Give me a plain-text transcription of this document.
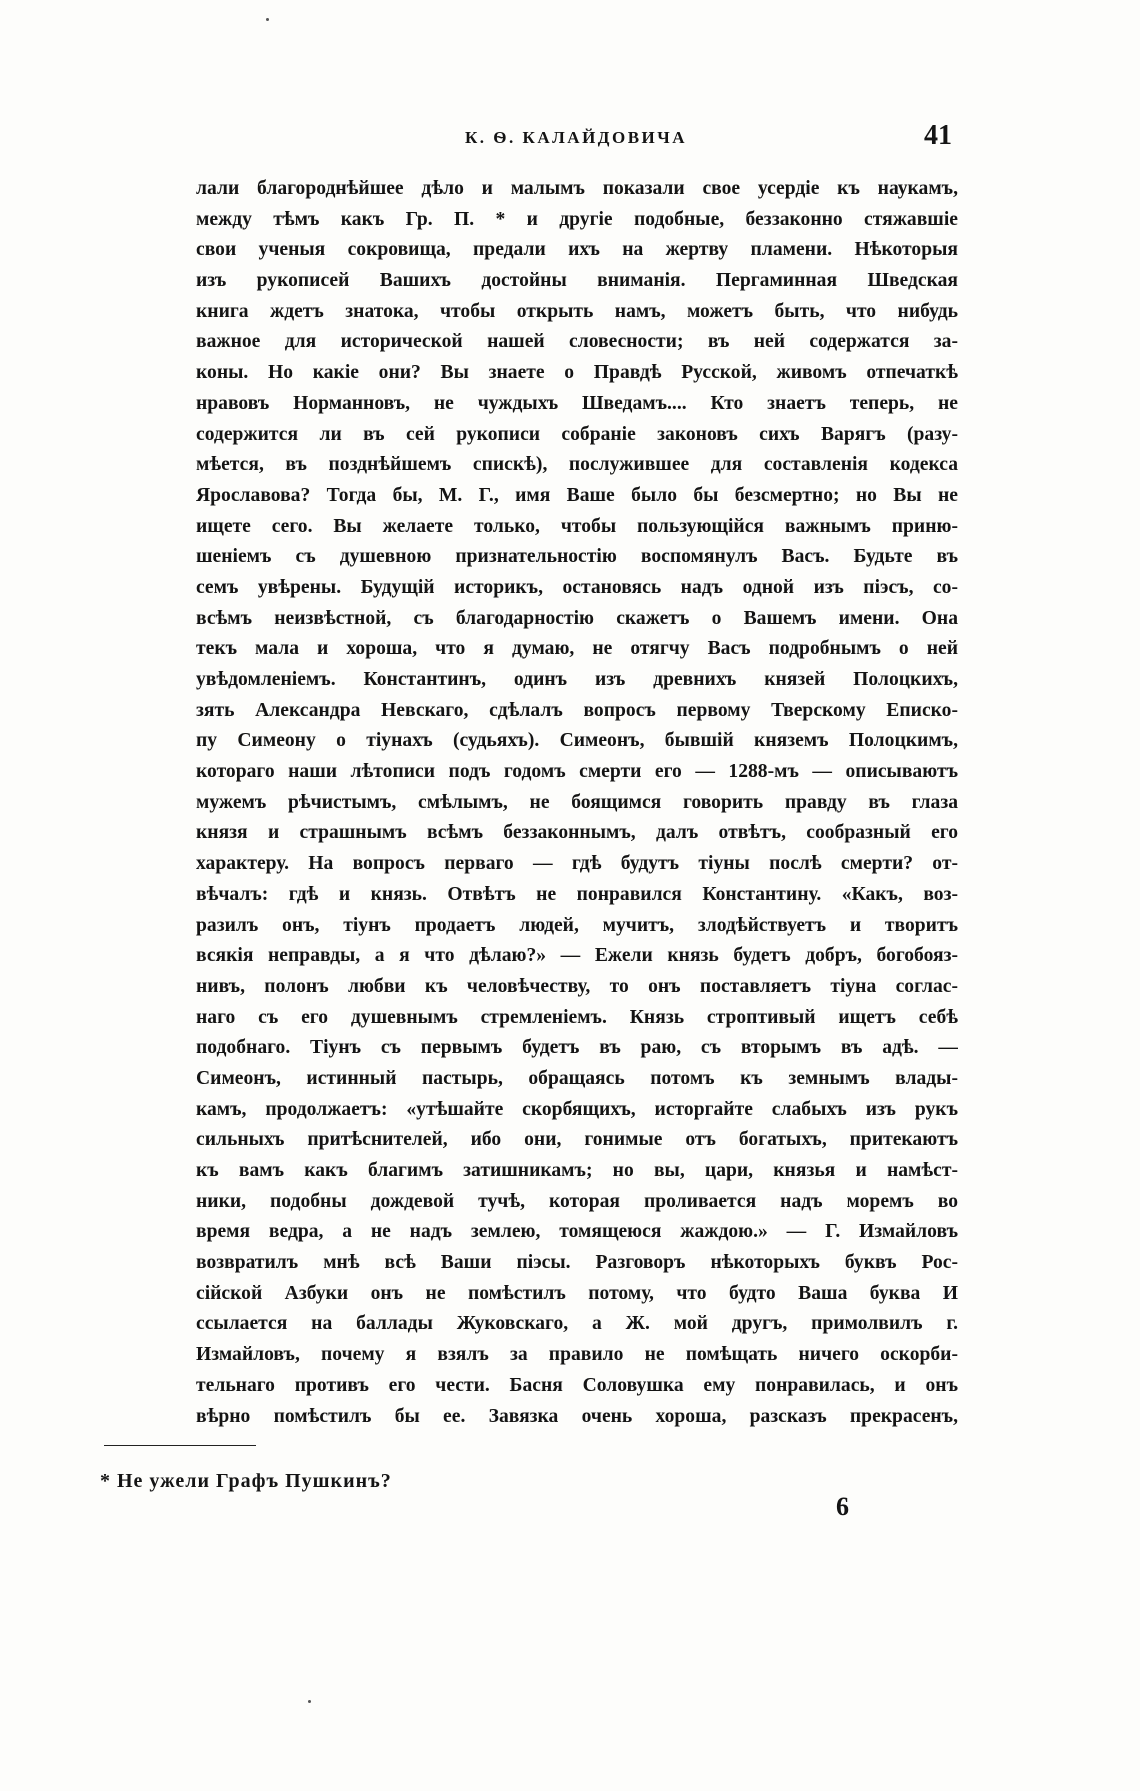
К. Ѳ. КАЛАЙДОВИЧА	41
лали благороднѣйшее дѣло и малымъ показали свое усердіе къ наукамъ,
между тѣмъ какъ Гр. П. * и другіе подобные, беззаконно стяжавшіе
свои ученыя сокровища, предали ихъ на жертву пламени. Нѣкоторыя
изъ рукописей Вашихъ достойны вниманія. Пергаминная Шведская
книга ждетъ знатока, чтобы открыть намъ, можетъ быть, что нибудь
важное для исторической нашей словесности; въ ней содержатся за-
коны. Но какіе они? Вы знаете о Правдѣ Русской, живомъ отпечаткѣ
нравовъ Норманновъ, не чуждыхъ Шведамъ.... Кто знаетъ теперь, не
содержится ли въ сей рукописи собраніе законовъ сихъ Варягъ (разу-
мѣется, въ позднѣйшемъ спискѣ), послужившее для составленія кодекса
Ярославова? Тогда бы, М. Г., имя Ваше было бы безсмертно; но Вы не
ищете сего. Вы желаете только, чтобы пользующійся важнымъ приню-
шеніемъ съ душевною признательностію воспомянулъ Васъ. Будьте въ
семъ увѣрены. Будущій историкъ, остановясь надъ одной изъ піэсъ, со-
всѣмъ неизвѣстной, съ благодарностію скажетъ о Вашемъ имени. Она
текъ мала и хороша, что я думаю, не отягчу Васъ подробнымъ о ней
увѣдомленіемъ. Константинъ, одинъ изъ древнихъ князей Полоцкихъ,
зять Александра Невскаго, сдѣлалъ вопросъ первому Тверскому Еписко-
пу Симеону о тіунахъ (судьяхъ). Симеонъ, бывшій княземъ Полоцкимъ,
котораго наши лѣтописи подъ годомъ смерти его — 1288-мъ — описываютъ
мужемъ рѣчистымъ, смѣлымъ, не боящимся говорить правду въ глаза
князя и страшнымъ всѣмъ беззаконнымъ, далъ отвѣтъ, сообразный его
характеру. На вопросъ перваго — гдѣ будутъ тіуны послѣ смерти? от-
вѣчалъ: гдѣ и князь. Отвѣтъ не понравился Константину. «Какъ, воз-
разилъ онъ, тіунъ продаетъ людей, мучитъ, злодѣйствуетъ и творитъ
всякія неправды, а я что дѣлаю?» — Ежели князь будетъ добръ, богобояз-
нивъ, полонъ любви къ человѣчеству, то онъ поставляетъ тіуна соглас-
наго съ его душевнымъ стремленіемъ. Князь строптивый ищетъ себѣ
подобнаго. Тіунъ съ первымъ будетъ въ раю, съ вторымъ въ адѣ. —
Симеонъ, истинный пастырь, обращаясь потомъ къ земнымъ влады-
камъ, продолжаетъ: «утѣшайте скорбящихъ, исторгайте слабыхъ изъ рукъ
сильныхъ притѣснителей, ибо они, гонимые отъ богатыхъ, притекаютъ
къ вамъ какъ благимъ затишникамъ; но вы, цари, князья и намѣст-
ники, подобны дождевой тучѣ, которая проливается надъ моремъ во
время ведра, а не надъ землею, томящеюся жаждою.» — Г. Измайловъ
возвратилъ мнѣ всѣ Ваши піэсы. Разговоръ нѣкоторыхъ буквъ Рос-
сійской Азбуки онъ не помѣстилъ потому, что будто Ваша буква И
ссылается на баллады Жуковскаго, а Ж. мой другъ, примолвилъ г.
Измайловъ, почему я взялъ за правило не помѣщать ничего оскорби-
тельнаго противъ его чести. Басня Соловушка ему понравилась, и онъ
вѣрно помѣстилъ бы ее. Завязка очень хороша, разсказъ прекрасенъ,
* Не ужели Графъ Пушкинъ?
6
